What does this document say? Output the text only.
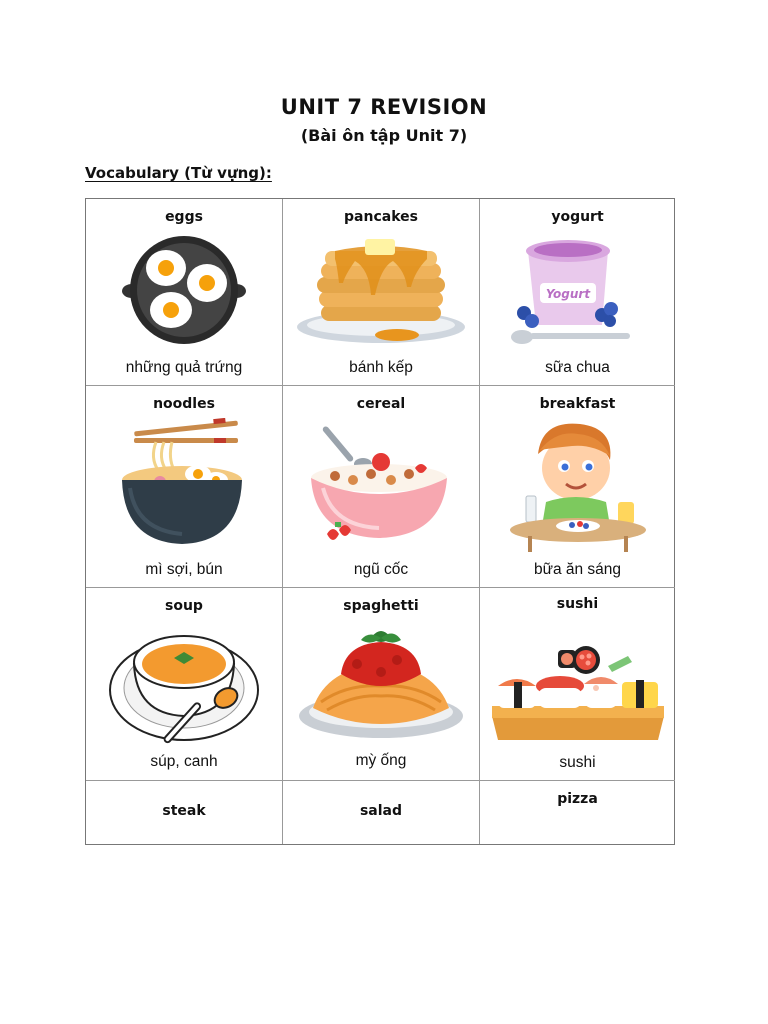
UNIT 7 REVISION
(Bài ôn tập Unit 7)
Vocabulary (Từ vựng):
eggs
những quả trứng
pancakes
bánh kếp
yogurt
Yogurt
sữa chua
noodles
mì sợi, bún
cereal
ngũ cốc
breakfast
bữa ăn sáng
soup
súp, canh
spaghetti
mỳ ống
sushi
sushi
steak	salad
pizza
